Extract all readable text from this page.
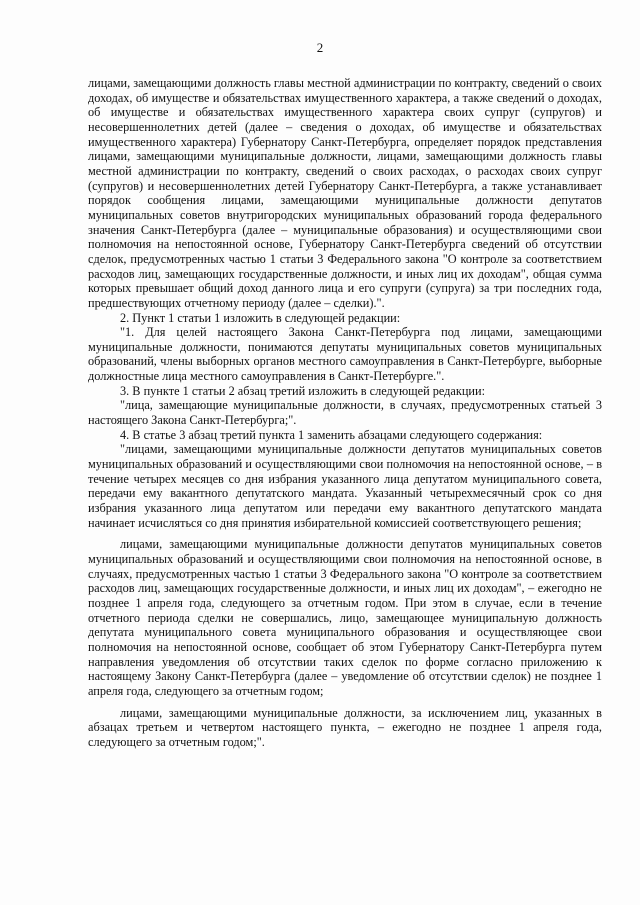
2

лицами, замещающими должность главы местной администрации по контракту, сведений о своих доходах, об имуществе и обязательствах имущественного характера, а также сведений о доходах, об имуществе и обязательствах имущественного характера своих супруг (супругов) и несовершеннолетних детей (далее – сведения о доходах, об имуществе и обязательствах имущественного характера) Губернатору Санкт-Петербурга, определяет порядок представления лицами, замещающими муниципальные должности, лицами, замещающими должность главы местной администрации по контракту, сведений о своих расходах, о расходах своих супруг (супругов) и несовершеннолетних детей Губернатору Санкт-Петербурга, а также устанавливает порядок сообщения лицами, замещающими муниципальные должности депутатов муниципальных советов внутригородских муниципальных образований города федерального значения Санкт-Петербурга (далее – муниципальные образования) и осуществляющими свои полномочия на непостоянной основе, Губернатору Санкт-Петербурга сведений об отсутствии сделок, предусмотренных частью 1 статьи 3 Федерального закона "О контроле за соответствием расходов лиц, замещающих государственные должности, и иных лиц их доходам", общая сумма которых превышает общий доход данного лица и его супруги (супруга) за три последних года, предшествующих отчетному периоду (далее – сделки).".

2. Пункт 1 статьи 1 изложить в следующей редакции:

"1. Для целей настоящего Закона Санкт-Петербурга под лицами, замещающими муниципальные должности, понимаются депутаты муниципальных советов муниципальных образований, члены выборных органов местного самоуправления в Санкт-Петербурге, выборные должностные лица местного самоуправления в Санкт-Петербурге.".

3. В пункте 1 статьи 2 абзац третий изложить в следующей редакции:

"лица, замещающие муниципальные должности, в случаях, предусмотренных статьей 3 настоящего Закона Санкт-Петербурга;".

4. В статье 3 абзац третий пункта 1 заменить абзацами следующего содержания:

"лицами, замещающими муниципальные должности депутатов муниципальных советов муниципальных образований и осуществляющими свои полномочия на непостоянной основе, – в течение четырех месяцев со дня избрания указанного лица депутатом муниципального совета, передачи ему вакантного депутатского мандата. Указанный четырехмесячный срок со дня избрания указанного лица депутатом или передачи ему вакантного депутатского мандата начинает исчисляться со дня принятия избирательной комиссией соответствующего решения;

лицами, замещающими муниципальные должности депутатов муниципальных советов муниципальных образований и осуществляющими свои полномочия на непостоянной основе, в случаях, предусмотренных частью 1 статьи 3 Федерального закона "О контроле за соответствием расходов лиц, замещающих государственные должности, и иных лиц их доходам", – ежегодно не позднее 1 апреля года, следующего за отчетным годом. При этом в случае, если в течение отчетного периода сделки не совершались, лицо, замещающее муниципальную должность депутата муниципального совета муниципального образования и осуществляющее свои полномочия на непостоянной основе, сообщает об этом Губернатору Санкт-Петербурга путем направления уведомления об отсутствии таких сделок по форме согласно приложению к настоящему Закону Санкт-Петербурга (далее – уведомление об отсутствии сделок) не позднее 1 апреля года, следующего за отчетным годом;

лицами, замещающими муниципальные должности, за исключением лиц, указанных в абзацах третьем и четвертом настоящего пункта, – ежегодно не позднее 1 апреля года, следующего за отчетным годом;".
